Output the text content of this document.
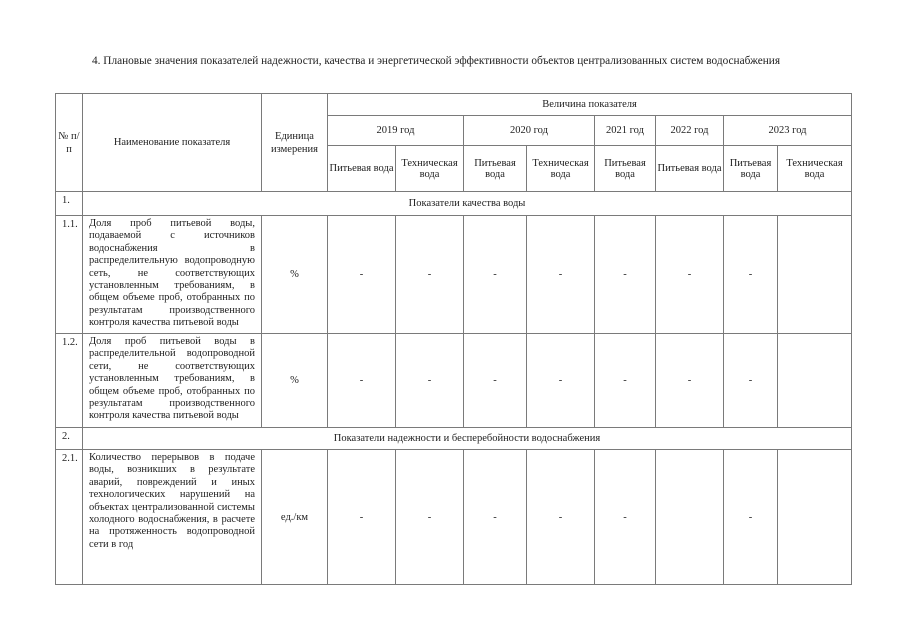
4. Плановые значения показателей надежности, качества и энергетической эффективности объектов централизованных систем водоснабжения
№ п/п	Наименование показателя	Единица измерения	Величина показателя							
			2019 год		2020 год		2021 год	2022 год	2023 год	
			Питьевая вода	Техническая вода	Питьевая вода	Техническая вода	Питьевая вода	Питьевая вода	Питьевая вода	Техническая вода
1.	Показатели качества воды									
1.1.	Доля проб питьевой воды, подаваемой с источников водоснабжения в распределительную водопроводную сеть, не соответствующих установленным требованиям, в общем объеме проб, отобранных по результатам производственного контроля качества питьевой воды	%	-	-	-	-	-	-	-	
1.2.	Доля проб питьевой воды в распределительной водопроводной сети, не соответствующих установленным требованиям, в общем объеме проб, отобранных по результатам производственного контроля качества питьевой воды	%	-	-	-	-	-	-	-	
2.	Показатели надежности и бесперебойности водоснабжения									
2.1.	Количество перерывов в подаче воды, возникших в результате аварий, повреждений и иных технологических нарушений на объектах централизованной системы холодного водоснабжения, в расчете на протяженность водопроводной сети в год	ед./км	-	-	-	-	-		-	
